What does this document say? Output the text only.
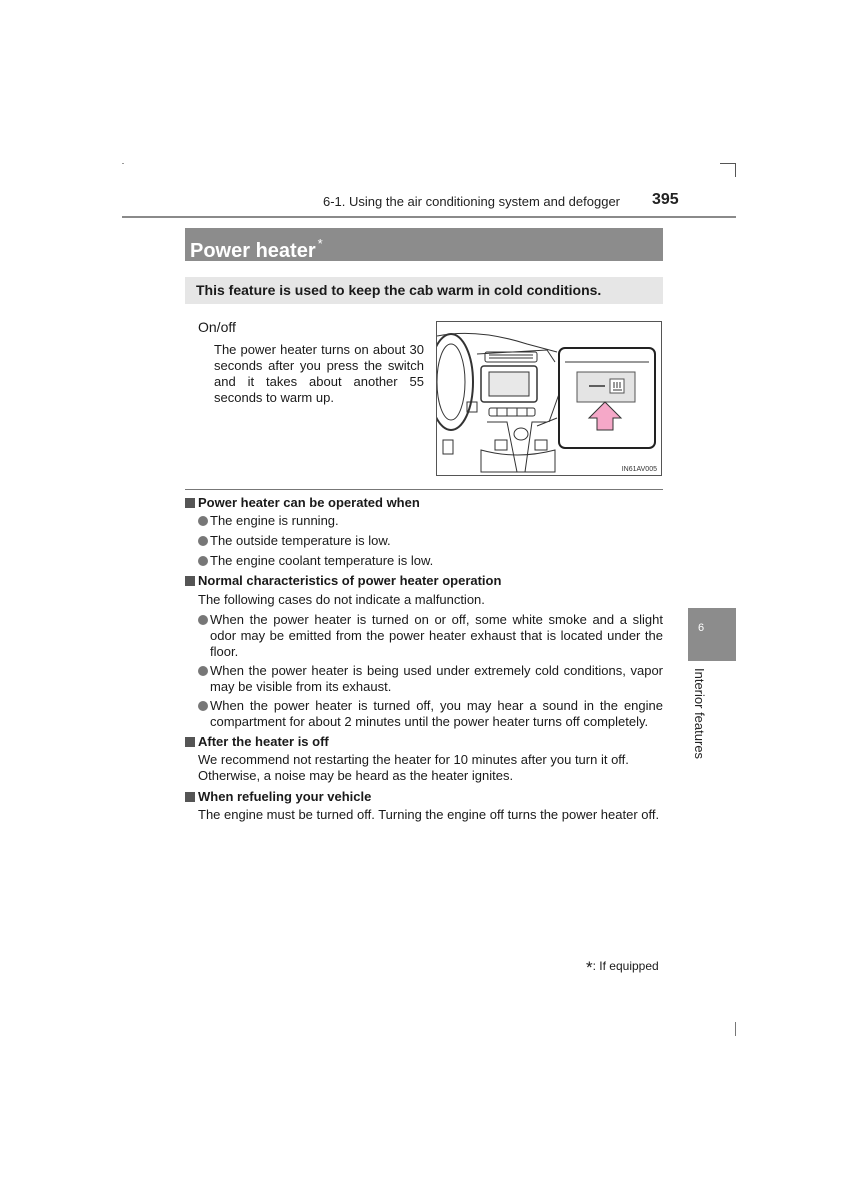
6-1. Using the air conditioning system and defogger 395
Power heater *
This feature is used to keep the cab warm in cold conditions.
On/off
The power heater turns on about 30 seconds after you press the switch and it takes about another 55 seconds to warm up.
IN61AV005
Power heater can be operated when
The engine is running.
The outside temperature is low.
The engine coolant temperature is low.
Normal characteristics of power heater operation
The following cases do not indicate a malfunction.
When the power heater is turned on or off, some white smoke and a slight odor may be emitted from the power heater exhaust that is located under the floor.
When the power heater is being used under extremely cold conditions, vapor may be visible from its exhaust.
When the power heater is turned off, you may hear a sound in the engine compartment for about 2 minutes until the power heater turns off completely.
After the heater is off
We recommend not restarting the heater for 10 minutes after you turn it off. Otherwise, a noise may be heard as the heater ignites.
When refueling your vehicle
The engine must be turned off. Turning the engine off turns the power heater off.
6
Interior features
*: If equipped
